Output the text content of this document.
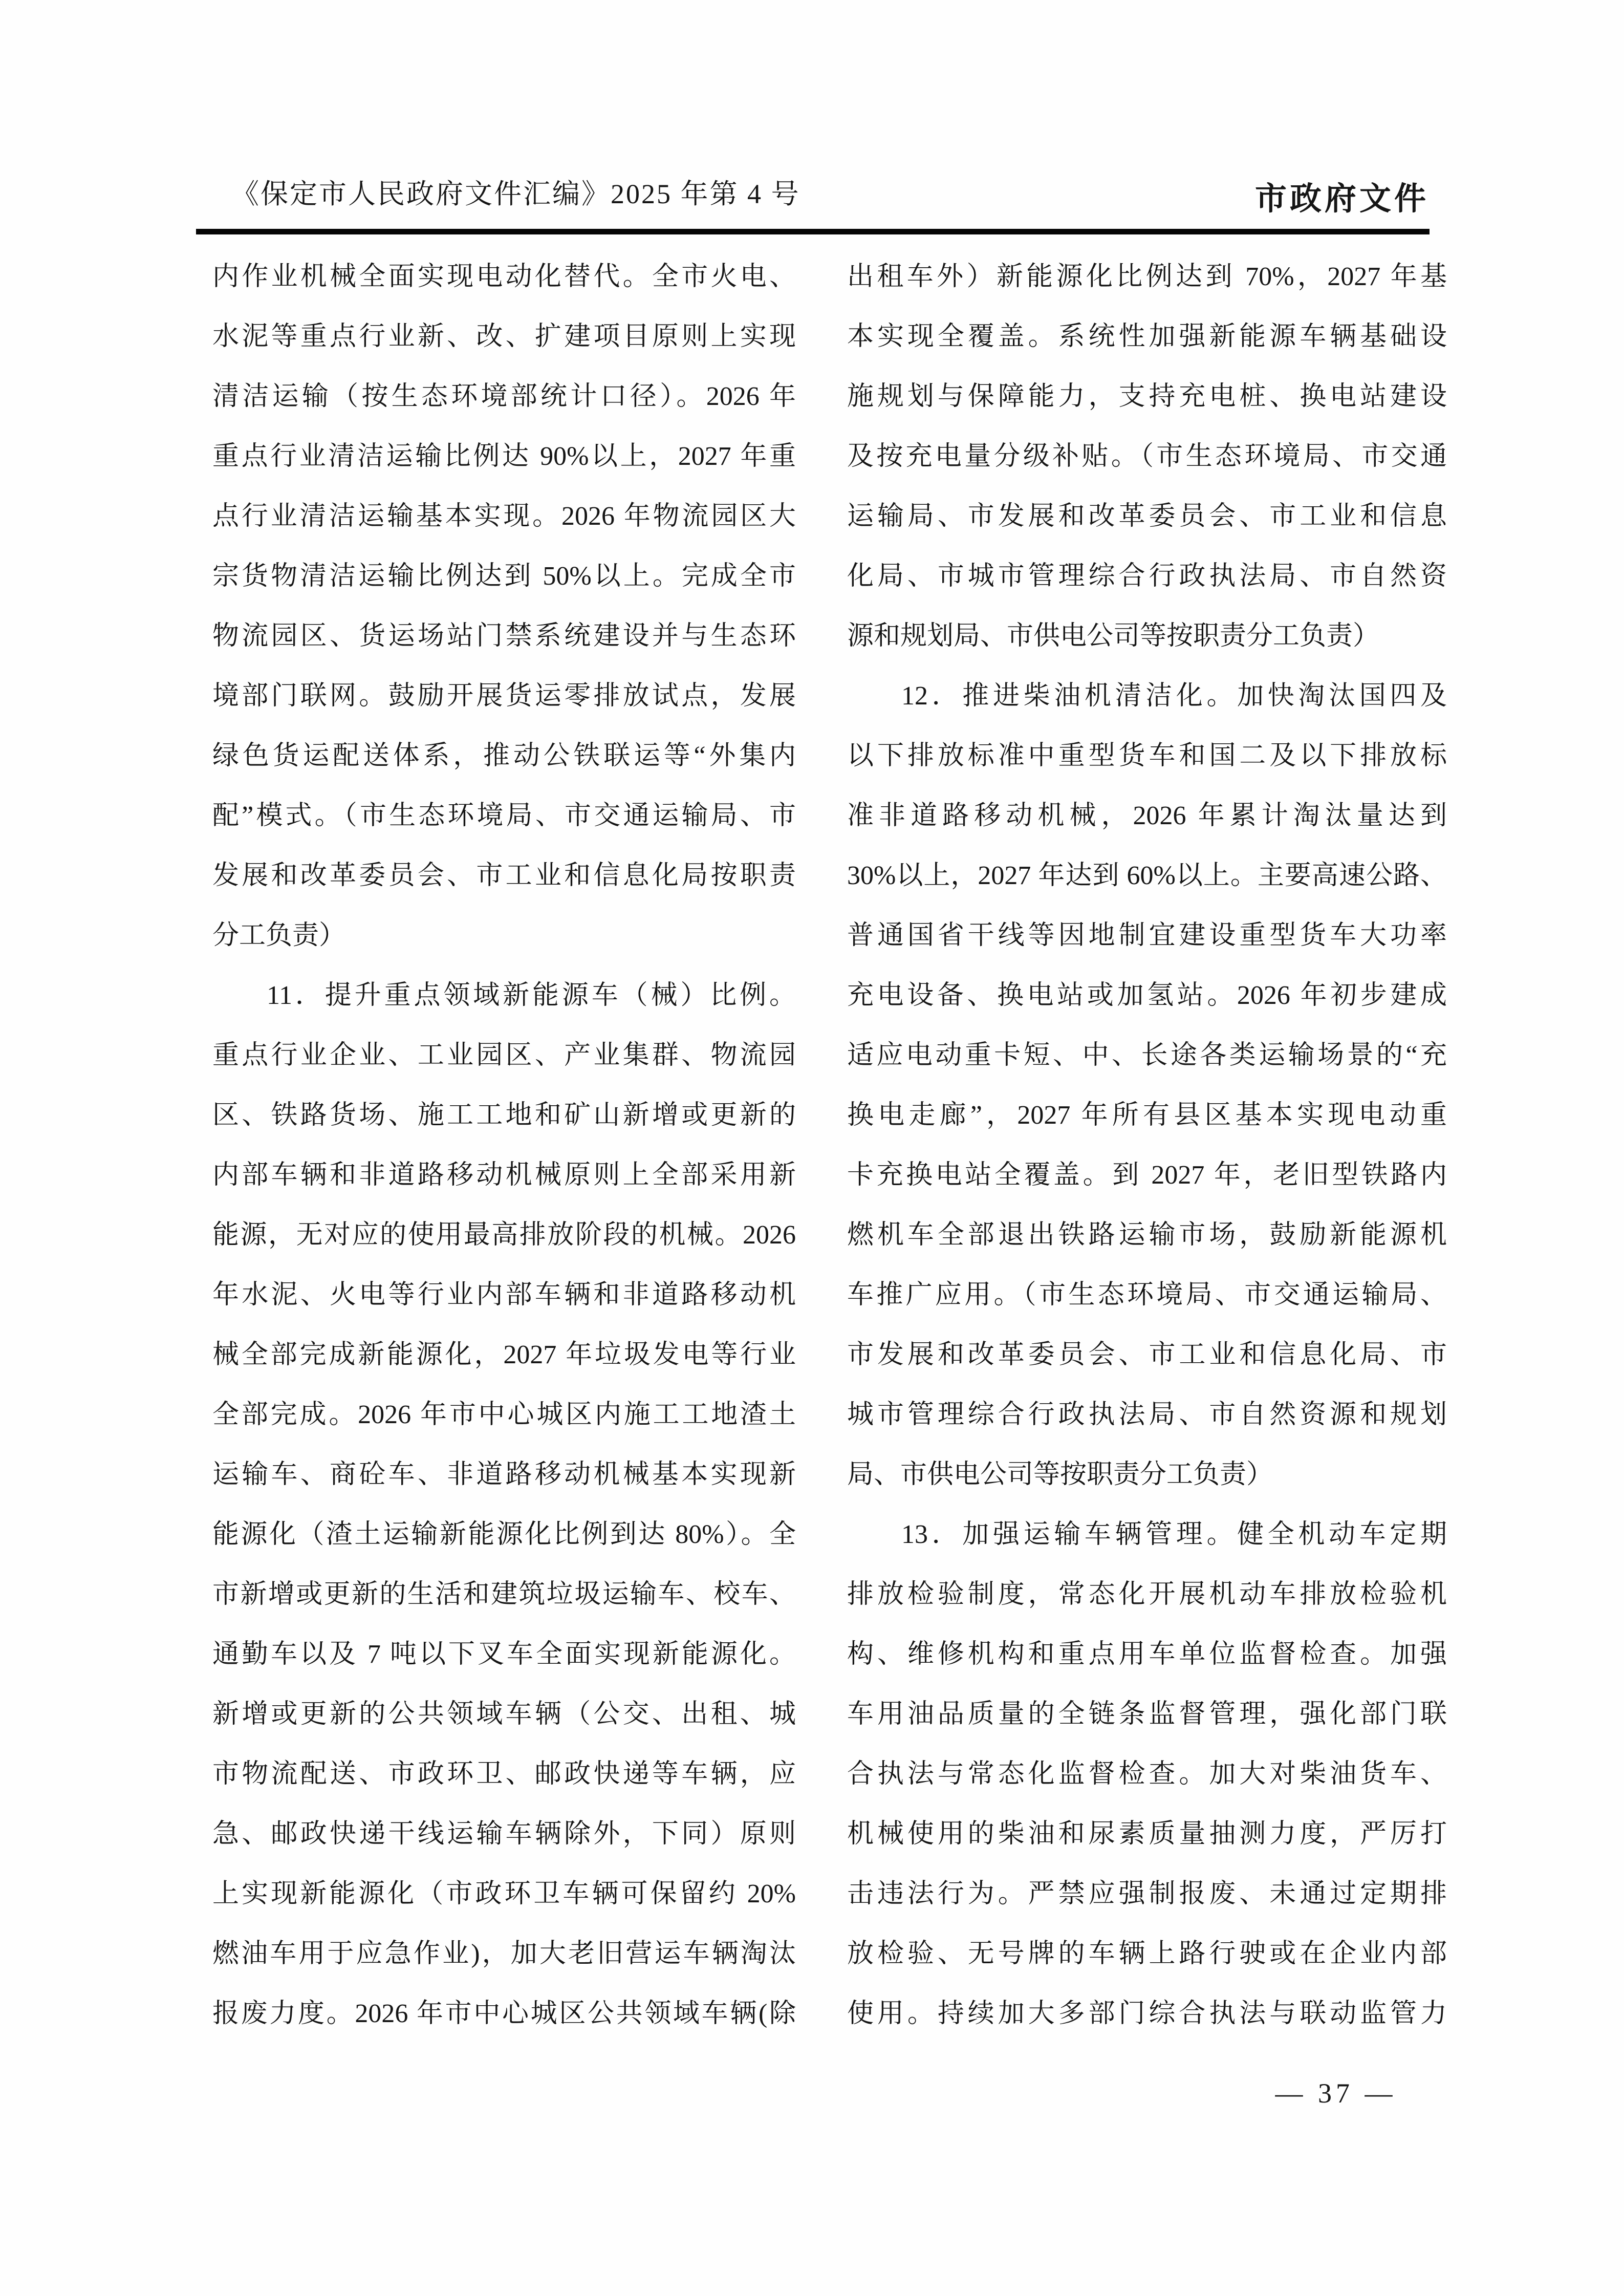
《保定市人民政府文件汇编》2025 年第 4 号	市政府文件
内作业机械全面实现电动化替代。全市火电、
水泥等重点行业新、改、扩建项目原则上实现
清洁运输（按生态环境部统计口径）。2026 年
重点行业清洁运输比例达 90%以上，2027 年重
点行业清洁运输基本实现。2026 年物流园区大
宗货物清洁运输比例达到 50%以上。完成全市
物流园区、货运场站门禁系统建设并与生态环
境部门联网。鼓励开展货运零排放试点，发展
绿色货运配送体系，推动公铁联运等“外集内
配”模式。（市生态环境局、市交通运输局、市
发展和改革委员会、市工业和信息化局按职责
分工负责）
11．提升重点领域新能源车（械）比例。
重点行业企业、工业园区、产业集群、物流园
区、铁路货场、施工工地和矿山新增或更新的
内部车辆和非道路移动机械原则上全部采用新
能源，无对应的使用最高排放阶段的机械。2026
年水泥、火电等行业内部车辆和非道路移动机
械全部完成新能源化，2027 年垃圾发电等行业
全部完成。2026 年市中心城区内施工工地渣土
运输车、商砼车、非道路移动机械基本实现新
能源化（渣土运输新能源化比例到达 80%）。全
市新增或更新的生活和建筑垃圾运输车、校车、
通勤车以及 7 吨以下叉车全面实现新能源化。
新增或更新的公共领域车辆（公交、出租、城
市物流配送、市政环卫、邮政快递等车辆，应
急、邮政快递干线运输车辆除外，下同）原则
上实现新能源化（市政环卫车辆可保留约 20%
燃油车用于应急作业)，加大老旧营运车辆淘汰
报废力度。2026 年市中心城区公共领域车辆(除
出租车外）新能源化比例达到 70%，2027 年基
本实现全覆盖。系统性加强新能源车辆基础设
施规划与保障能力，支持充电桩、换电站建设
及按充电量分级补贴。（市生态环境局、市交通
运输局、市发展和改革委员会、市工业和信息
化局、市城市管理综合行政执法局、市自然资
源和规划局、市供电公司等按职责分工负责）
12．推进柴油机清洁化。加快淘汰国四及
以下排放标准中重型货车和国二及以下排放标
准非道路移动机械，2026 年累计淘汰量达到
30%以上，2027 年达到 60%以上。主要高速公路、
普通国省干线等因地制宜建设重型货车大功率
充电设备、换电站或加氢站。2026 年初步建成
适应电动重卡短、中、长途各类运输场景的“充
换电走廊”，2027 年所有县区基本实现电动重
卡充换电站全覆盖。到 2027 年，老旧型铁路内
燃机车全部退出铁路运输市场，鼓励新能源机
车推广应用。（市生态环境局、市交通运输局、
市发展和改革委员会、市工业和信息化局、市
城市管理综合行政执法局、市自然资源和规划
局、市供电公司等按职责分工负责）
13．加强运输车辆管理。健全机动车定期
排放检验制度，常态化开展机动车排放检验机
构、维修机构和重点用车单位监督检查。加强
车用油品质量的全链条监督管理，强化部门联
合执法与常态化监督检查。加大对柴油货车、
机械使用的柴油和尿素质量抽测力度，严厉打
击违法行为。严禁应强制报废、未通过定期排
放检验、无号牌的车辆上路行驶或在企业内部
使用。持续加大多部门综合执法与联动监管力
— 37 —
